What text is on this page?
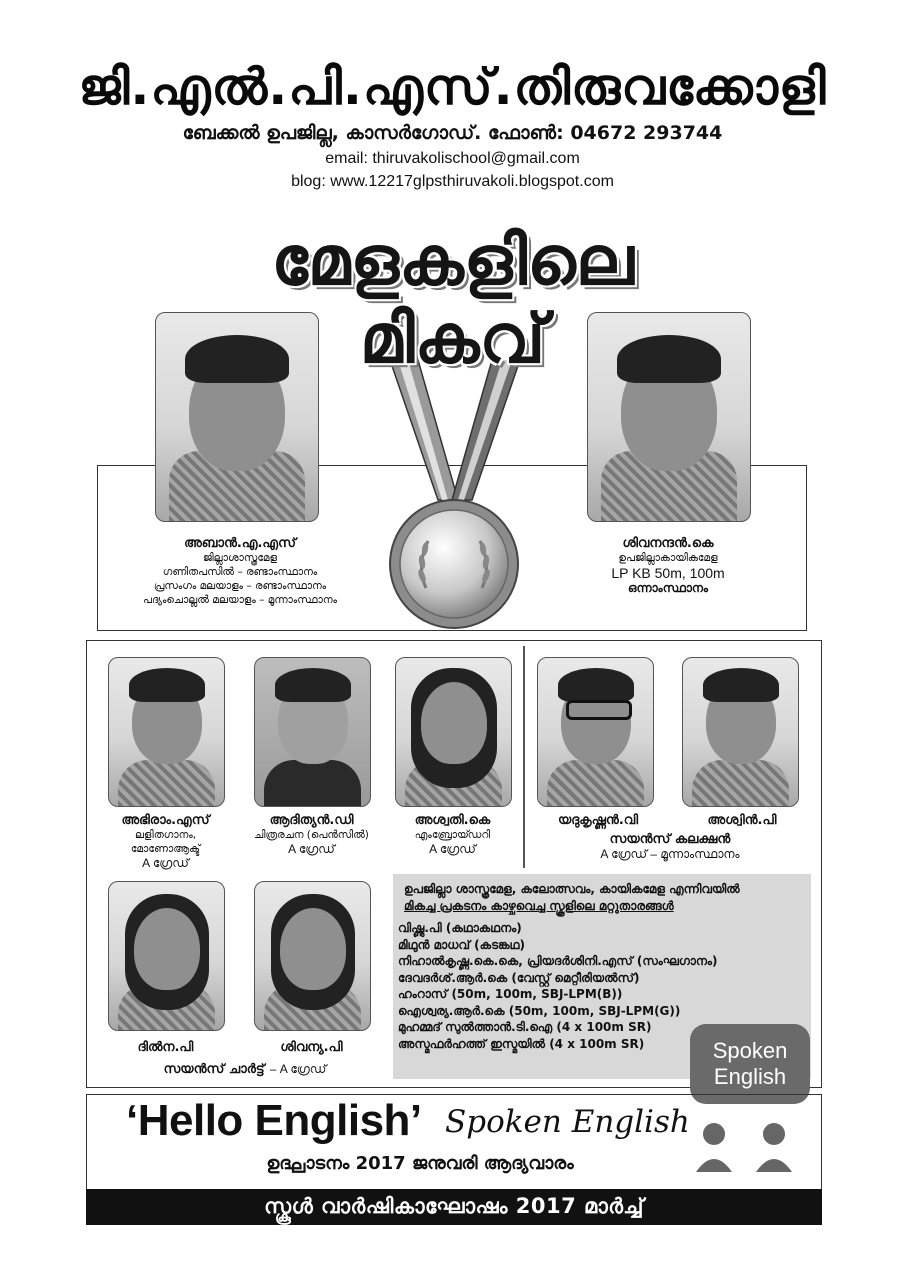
ജി.എൽ.പി.എസ്.തിരുവക്കോളി
ബേക്കൽ ഉപജില്ല, കാസർഗോഡ്. ഫോൺ: 04672 293744
email: thiruvakolischool@gmail.com
blog: www.12217glpsthiruvakoli.blogspot.com
മേളകളിലെ
മികവ്
അബാൻ.എ.എസ്
ജില്ലാശാസ്ത്രമേള
ഗണിതപസിൽ – രണ്ടാംസ്ഥാനം
പ്രസംഗം മലയാളം – രണ്ടാംസ്ഥാനം
പദ്യംചൊല്ലൽ മലയാളം – മൂന്നാംസ്ഥാനം
ശിവനന്ദൻ.കെ
ഉപജില്ലാകായികമേള
LP KB 50m, 100m
ഒന്നാംസ്ഥാനം
അഭിരാം.എസ്
ലളിതഗാനം,
മോണോആക്ട്
A ഗ്രേഡ്
ആദിത്യൻ.ഡി
ചിത്രരചന (പെൻസിൽ)
A ഗ്രേഡ്
അശ്വതി.കെ
എംബ്രോയ്ഡറി
A ഗ്രേഡ്
യദുകൃഷ്ണൻ.വി	അശ്വിൻ.പി
സയൻസ് കലക്ഷൻ
A ഗ്രേഡ് – മൂന്നാംസ്ഥാനം
ദിൽന.പി	ശിവന്യ.പി
സയൻസ് ചാർട്ട് – A ഗ്രേഡ്
ഉപജില്ലാ ശാസ്ത്രമേള, കലോത്സവം, കായികമേള എന്നിവയിൽ
മികച്ച പ്രകടനം കാഴ്ചവെച്ച സ്കൂളിലെ മറ്റുതാരങ്ങൾ
വിഷ്ണു.പി (കഥാകഥനം)
മിഥുൻ മാധവ് (കടങ്കഥ)
നിഹാൽകൃഷ്ണ.കെ.കെ, പ്രിയദർശിനി.എസ് (സംഘഗാനം)
ദേവദർശ്.ആർ.കെ (വേസ്റ്റ് മെറ്റീരിയൽസ്)
ഹംറാസ് (50m, 100m, SBJ-LPM(B))
ഐശ്വര്യ.ആർ.കെ (50m, 100m, SBJ-LPM(G))
മുഹമ്മദ് സുൽത്താൻ.ടി.ഐ (4 x 100m SR)
അസ്മഫർഹത്ത് ഇസ്മയിൽ (4 x 100m SR)	Spoken
English
‘Hello English’ Spoken English
ഉദ്ഘാടനം 2017 ജനുവരി ആദ്യവാരം
സ്കൂൾ വാർഷികാഘോഷം 2017 മാർച്ച്
